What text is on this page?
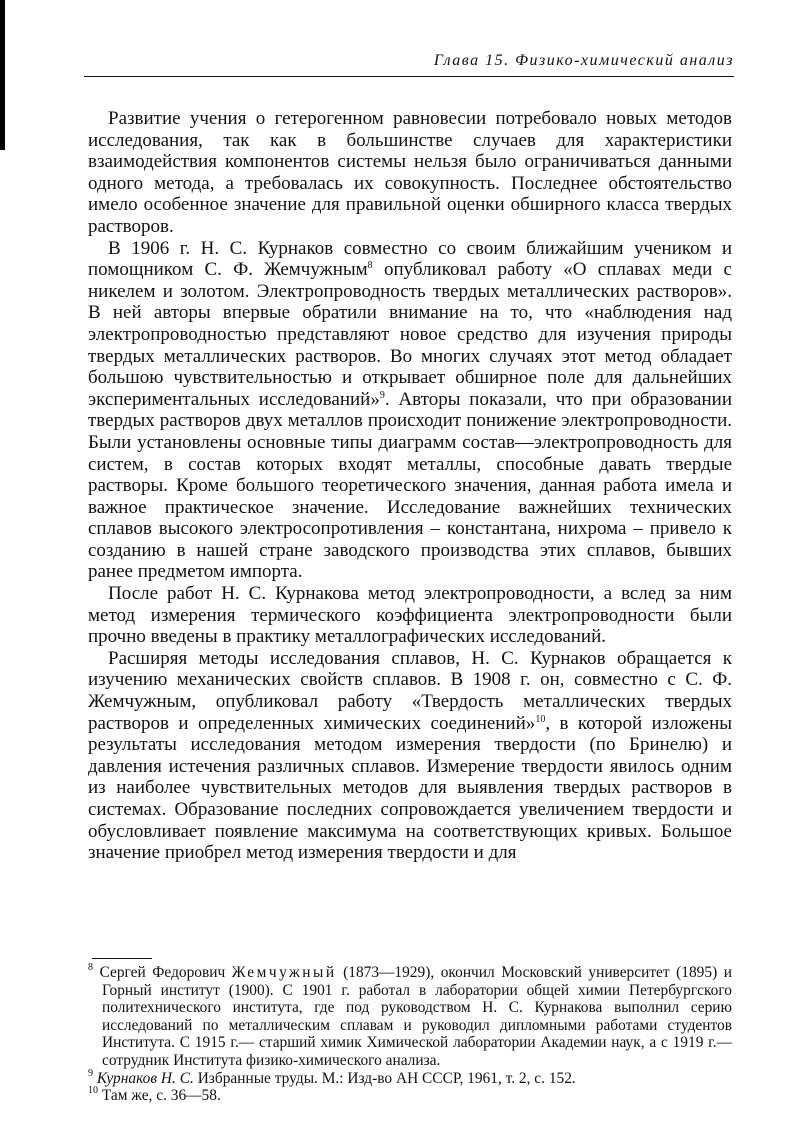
Глава 15. Физико-химический анализ

Развитие учения о гетерогенном равновесии потребовало новых методов исследования, так как в большинстве случаев для характеристики взаимодействия компонентов системы нельзя было ограничиваться данными одного метода, а требовалась их совокупность. Последнее обстоятельство имело особенное значение для правильной оценки обширного класса твердых растворов.

В 1906 г. Н. С. Курнаков совместно со своим ближайшим учеником и помощником С. Ф. Жемчужным$^8$ опубликовал работу «О сплавах меди с никелем и золотом. Электропроводность твердых металлических растворов». В ней авторы впервые обратили внимание на то, что «наблюдения над электропроводностью представляют новое средство для изучения природы твердых металлических растворов. Во многих случаях этот метод обладает большою чувствительностью и открывает обширное поле для дальнейших экспериментальных исследований»$^9$. Авторы показали, что при образовании твердых растворов двух металлов происходит понижение электропроводности. Были установлены основные типы диаграмм состав—электропроводность для систем, в состав которых входят металлы, способные давать твердые растворы. Кроме большого теоретического значения, данная работа имела и важное практическое значение. Исследование важнейших технических сплавов высокого электросопротивления – константана, нихрома – привело к созданию в нашей стране заводского производства этих сплавов, бывших ранее предметом импорта.

После работ Н. С. Курнакова метод электропроводности, а вслед за ним метод измерения термического коэффициента электропроводности были прочно введены в практику металлографических исследований.

Расширяя методы исследования сплавов, Н. С. Курнаков обращается к изучению механических свойств сплавов. В 1908 г. он, совместно с С. Ф. Жемчужным, опубликовал работу «Твердость металлических твердых растворов и определенных химических соединений»$^{10}$, в которой изложены результаты исследования методом измерения твердости (по Бринелю) и давления истечения различных сплавов. Измерение твердости явилось одним из наиболее чувствительных методов для выявления твердых растворов в системах. Образование последних сопровождается увеличением твердости и обусловливает появление максимума на соответствующих кривых. Большое значение приобрел метод измерения твердости и для

$^8$ Сергей Федорович Жемчужный (1873—1929), окончил Московский университет (1895) и Горный институт (1900). С 1901 г. работал в лаборатории общей химии Петербургского политехнического института, где под руководством Н. С. Курнакова выполнил серию исследований по металлическим сплавам и руководил дипломными работами студентов Института. С 1915 г.— старший химик Химической лаборатории Академии наук, а с 1919 г.— сотрудник Института физико-химического анализа.

$^9$ Курнаков Н. С. Избранные труды. М.: Изд-во АН СССР, 1961, т. 2, с. 152.

$^{10}$ Там же, с. 36—58.
